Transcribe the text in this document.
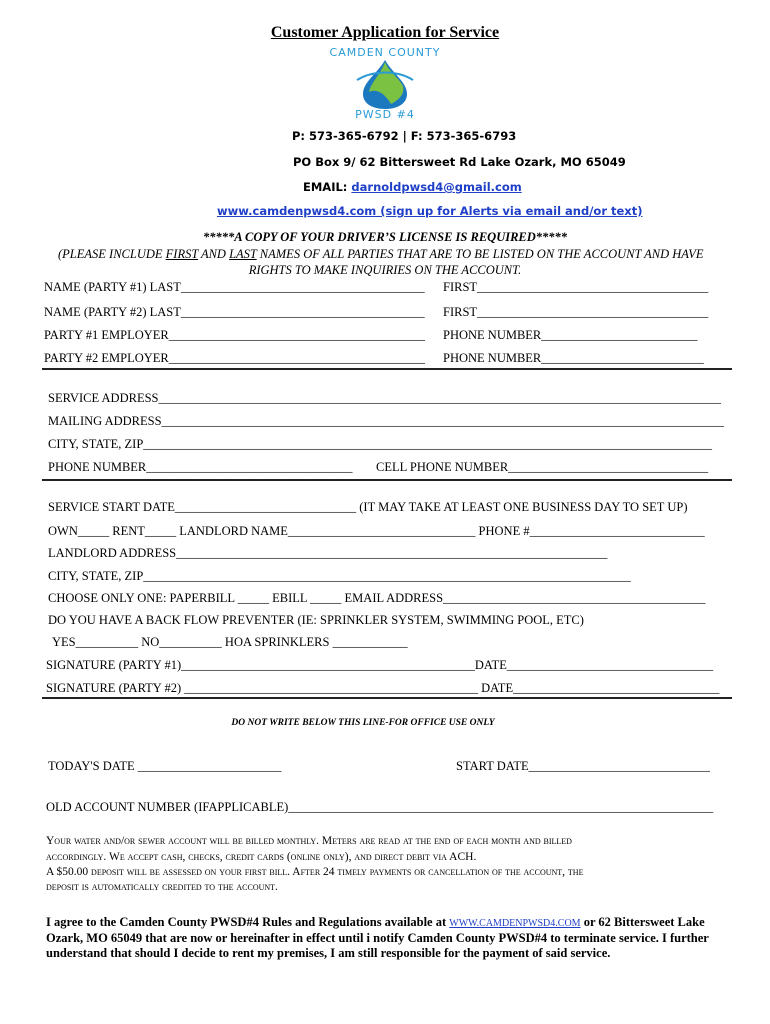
Customer Application for Service
CAMDEN COUNTY
PWSD #4
P: 573-365-6792 | F: 573-365-6793
PO Box 9/ 62 Bittersweet Rd Lake Ozark, MO 65049
EMAIL: darnoldpwsd4@gmail.com
www.camdenpwsd4.com (sign up for Alerts via email and/or text)
*****A COPY OF YOUR DRIVER’S LICENSE IS REQUIRED*****
(PLEASE INCLUDE FIRST AND LAST NAMES OF ALL PARTIES THAT ARE TO BE LISTED ON THE ACCOUNT AND HAVE
RIGHTS TO MAKE INQUIRIES ON THE ACCOUNT.
NAME (PARTY #1) LAST_______________________________________ FIRST_____________________________________
NAME (PARTY #2) LAST_______________________________________ FIRST_____________________________________
PARTY #1 EMPLOYER_________________________________________ PHONE NUMBER_________________________
PARTY #2 EMPLOYER_________________________________________ PHONE NUMBER__________________________
SERVICE ADDRESS__________________________________________________________________________________________
MAILING ADDRESS__________________________________________________________________________________________
CITY, STATE, ZIP___________________________________________________________________________________________
PHONE NUMBER_________________________________ CELL PHONE NUMBER________________________________
SERVICE START DATE_____________________________ (IT MAY TAKE AT LEAST ONE BUSINESS DAY TO SET UP)
OWN_____ RENT_____ LANDLORD NAME______________________________ PHONE #____________________________
LANDLORD ADDRESS_____________________________________________________________________
CITY, STATE, ZIP______________________________________________________________________________
CHOOSE ONLY ONE: PAPERBILL _____ EBILL _____ EMAIL ADDRESS__________________________________________
DO YOU HAVE A BACK FLOW PREVENTER (IE: SPRINKLER SYSTEM, SWIMMING POOL, ETC)
YES__________ NO__________ HOA SPRINKLERS ____________
SIGNATURE (PARTY #1)_______________________________________________DATE_________________________________
SIGNATURE (PARTY #2) _______________________________________________ DATE_________________________________
DO NOT WRITE BELOW THIS LINE-FOR OFFICE USE ONLY
TODAY'S DATE _______________________	START DATE_____________________________
OLD ACCOUNT NUMBER (IFAPPLICABLE)____________________________________________________________________
Your water and/or sewer account will be billed monthly. Meters are read at the end of each month and billed
accordingly. We accept cash, checks, credit cards (online only), and direct debit via ACH.
A $50.00 deposit will be assessed on your first bill. After 24 timely payments or cancellation of the account, the
deposit is automatically credited to the account.
I agree to the Camden County PWSD#4 Rules and Regulations available at WWW.CAMDENPWSD4.COM or 62 Bittersweet Lake
Ozark, MO 65049 that are now or hereinafter in effect until i notify Camden County PWSD#4 to terminate service. I further
understand that should I decide to rent my premises, I am still responsible for the payment of said service.
